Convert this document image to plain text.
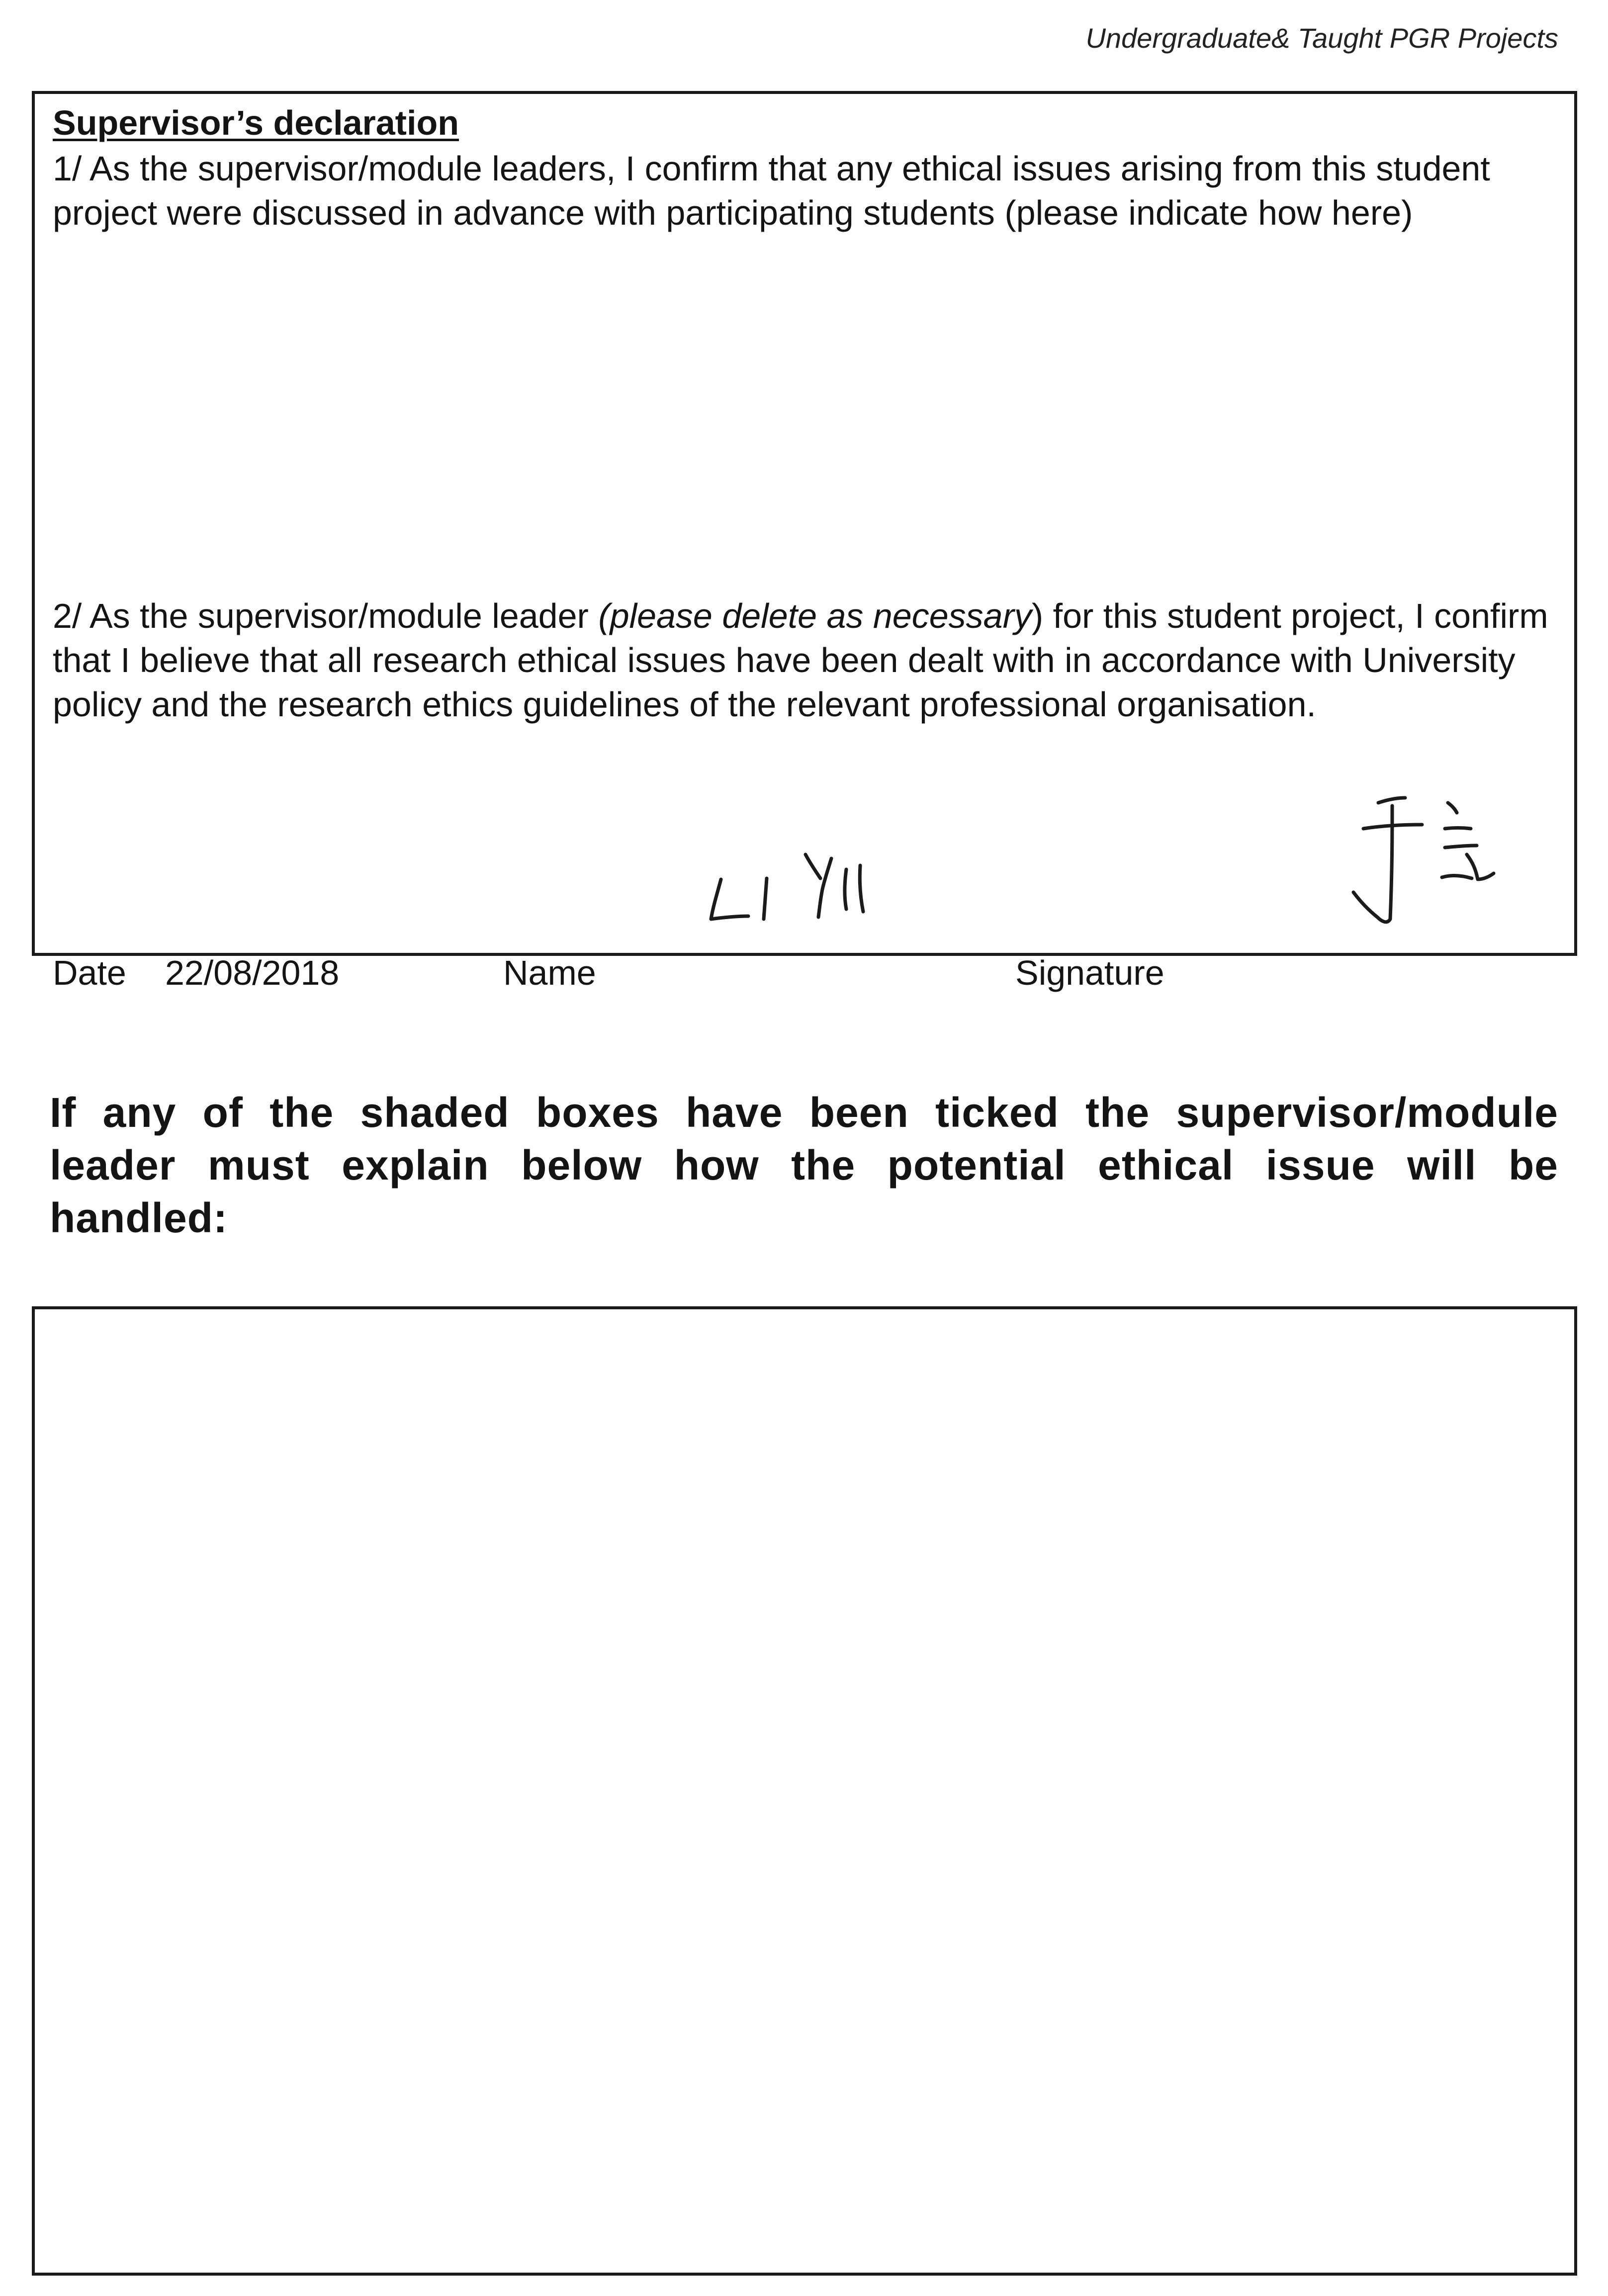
Undergraduate& Taught PGR Projects
Supervisor’s declaration

1/ As the supervisor/module leaders, I confirm that any ethical issues arising from this student project were discussed in advance with participating students (please indicate how here)

2/ As the supervisor/module leader (please delete as necessary) for this student project, I confirm that I believe that all research ethical issues have been dealt with in accordance with University policy and the research ethics guidelines of the relevant professional organisation.

Date 22/08/2018	Name	Signature

If any of the shaded boxes have been ticked the supervisor/module leader must explain below how the potential ethical issue will be handled:
